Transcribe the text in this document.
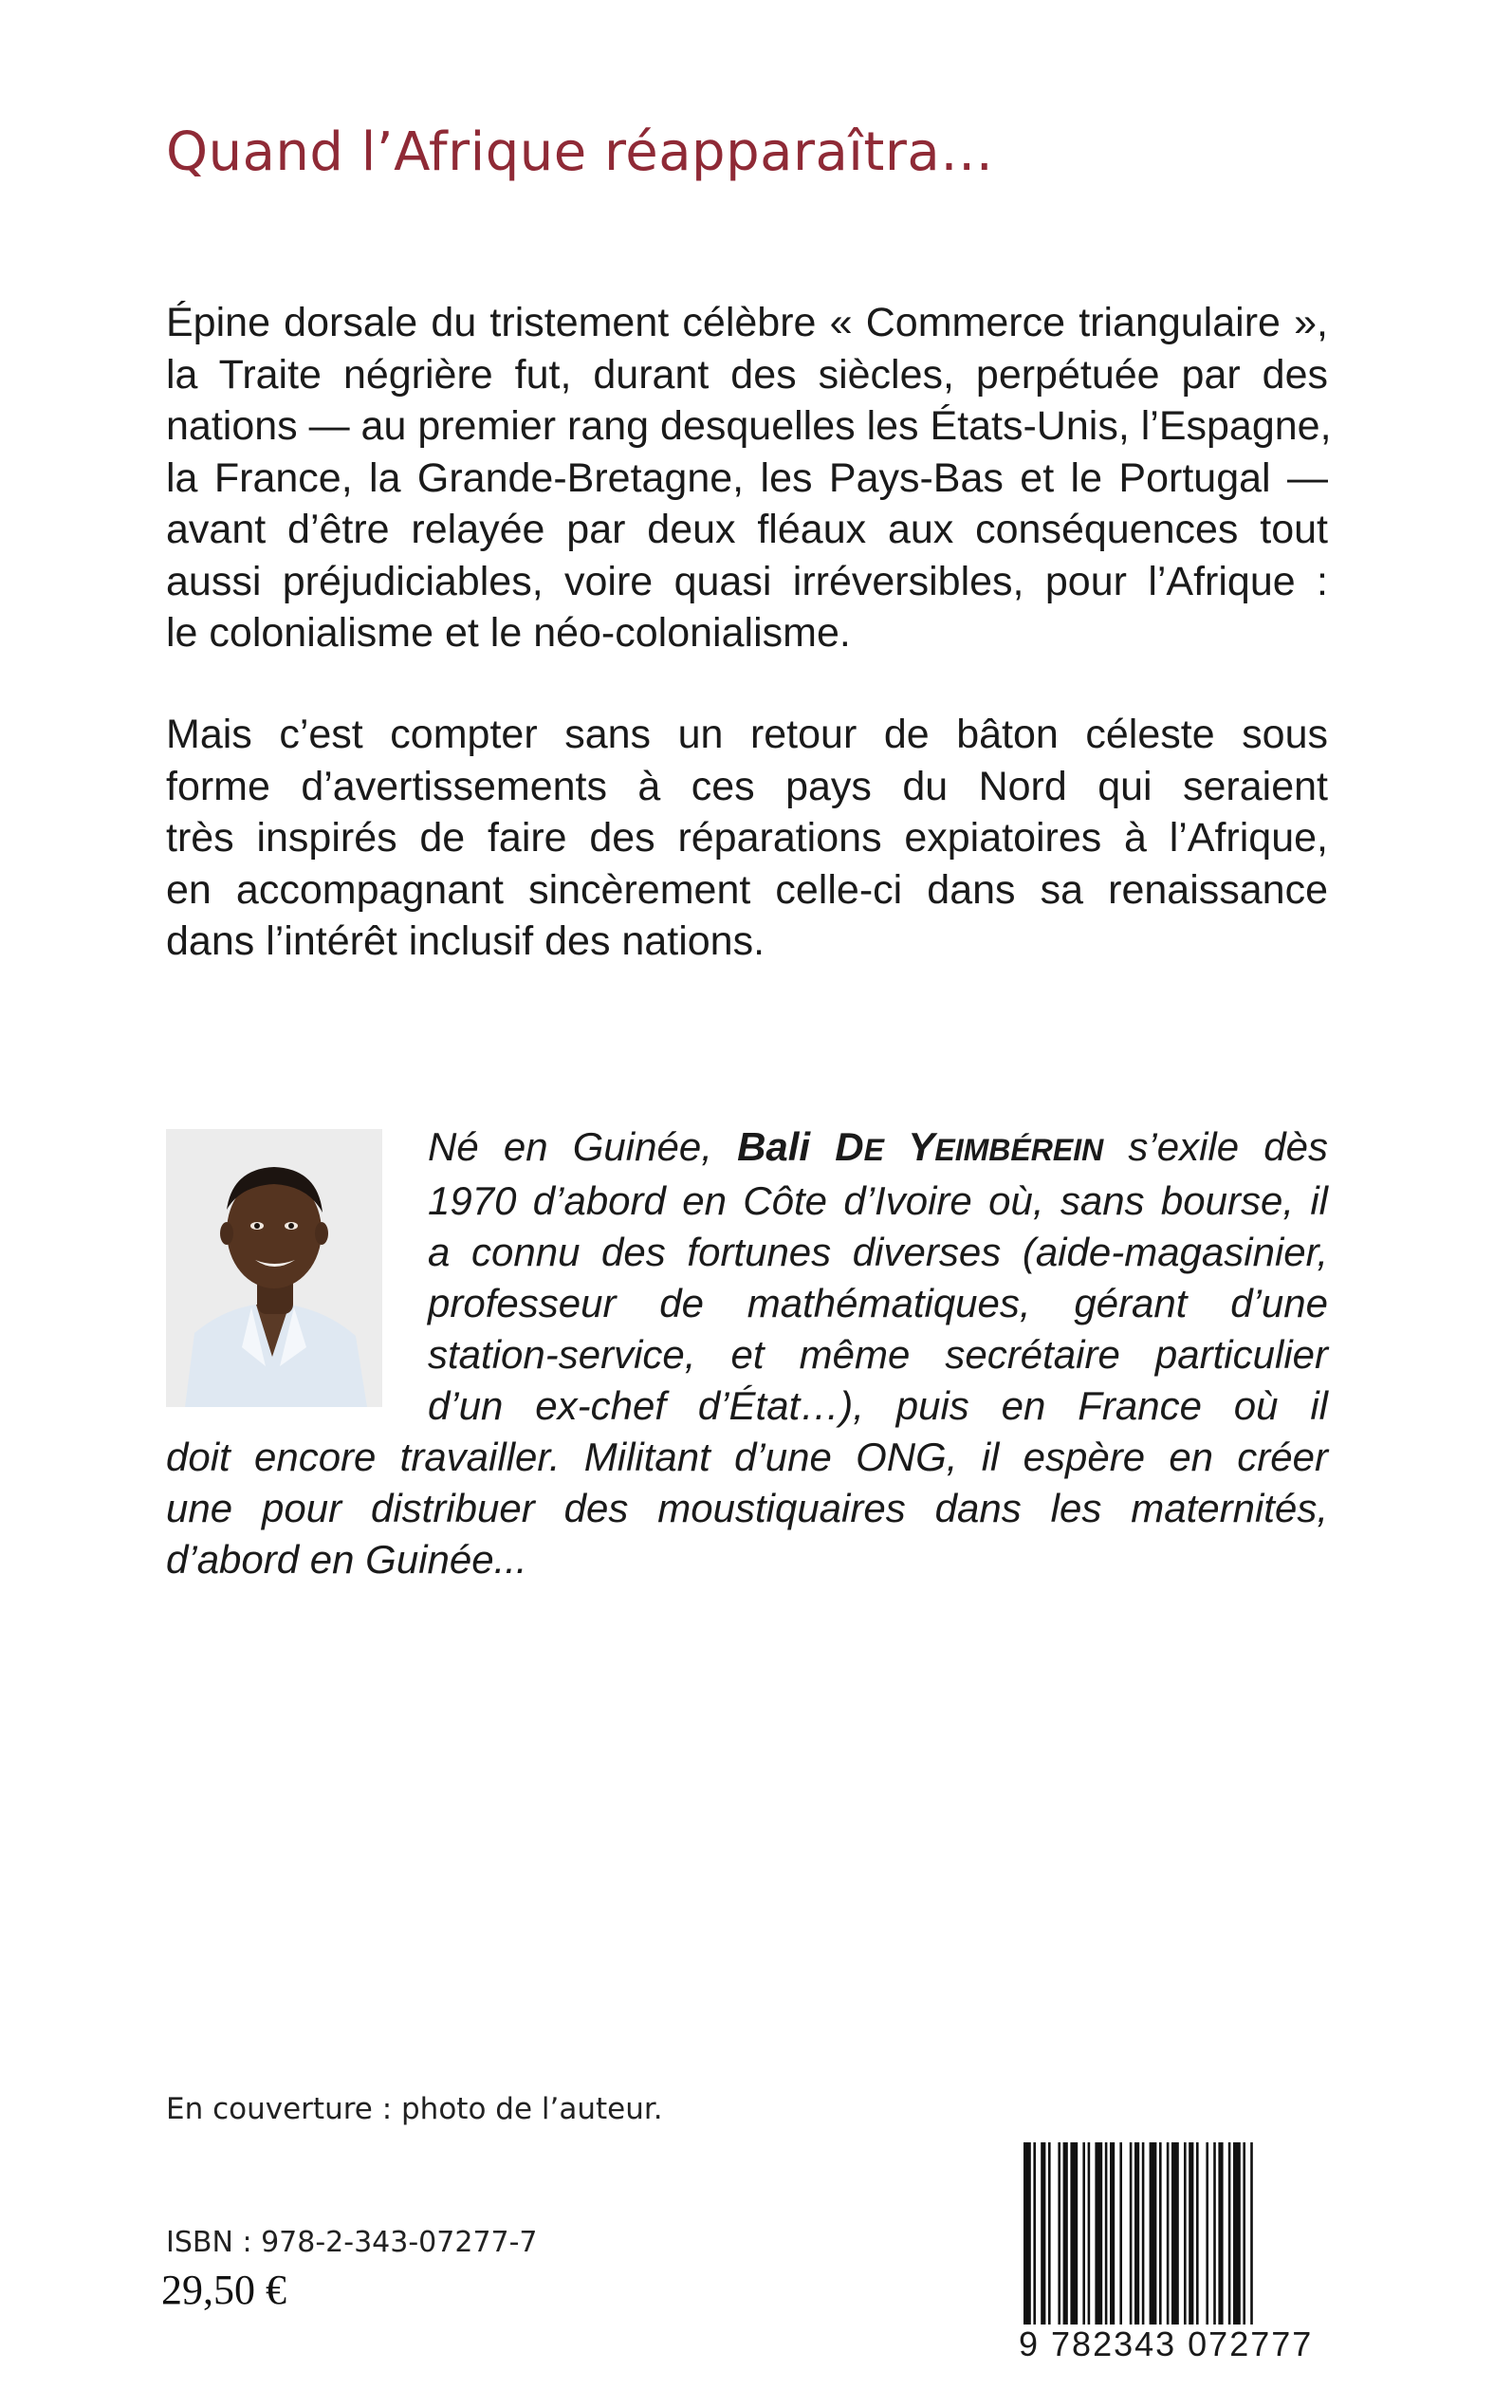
Quand l’Afrique réapparaîtra…

Épine dorsale du tristement célèbre « Commerce triangulaire »,
la Traite négrière fut, durant des siècles, perpétuée par des
nations — au premier rang desquelles les États-Unis, l’Espagne,
la France, la Grande-Bretagne, les Pays-Bas et le Portugal —
avant d’être relayée par deux fléaux aux conséquences tout
aussi préjudiciables, voire quasi irréversibles, pour l’Afrique :
le colonialisme et le néo-colonialisme.

Mais c’est compter sans un retour de bâton céleste sous
forme d’avertissements à ces pays du Nord qui seraient
très inspirés de faire des réparations expiatoires à l’Afrique,
en accompagnant sincèrement celle-ci dans sa renaissance
dans l’intérêt inclusif des nations.

Né en Guinée, Bali DE YEIMBÉREIN s’exile dès
1970 d’abord en Côte d’Ivoire où, sans bourse, il
a connu des fortunes diverses (aide-magasinier,
professeur de mathématiques, gérant d’une
station-service, et même secrétaire particulier
d’un ex-chef d’État…), puis en France où il
doit encore travailler. Militant d’une ONG, il espère en créer
une pour distribuer des moustiquaires dans les maternités,
d’abord en Guinée...

En couverture : photo de l’auteur.
ISBN : 978-2-343-07277-7
29,50 €
9 782343 072777
